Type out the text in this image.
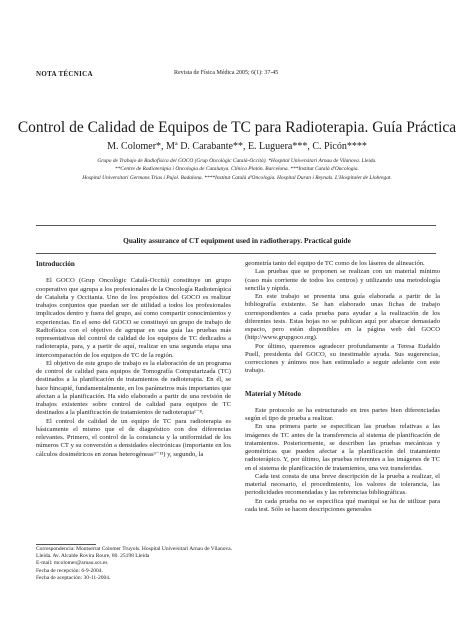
NOTA TÉCNICA	Revista de Física Médica 2005; 6(1): 37-45
Control de Calidad de Equipos de TC para Radioterapia. Guía Práctica
M. Colomer*, Mª D. Carabante**, E. Luguera***, C. Picón****
Grupo de Trabajo de Radiofísica del GOCO (Grup Oncològic Català-Occità). *Hospital Universitari Arnau de Vilanova. Lleida.
**Centre de Radioteràpia i Oncologia de Catalunya. Clínica Platón. Barcelona. ***Institut Català d'Oncologia.
Hospital Universitari Germans Trias i Pujol. Badalona. ****Institut Català d'Oncologia. Hospital Duran i Reynals. L'Hospitalet de Llobregat.
Quality assurance of CT equipment used in radiotherapy. Practical guide

Introducción

El GOCO (Grup Oncològic Català-Occità) constituye un grupo cooperativo que agrupa a los profesionales de la Oncología Radioterápica de Cataluña y Occitania. Uno de los propósitos del GOCO es realizar trabajos conjuntos que puedan ser de utilidad a todos los profesionales implicados dentro y fuera del grupo, así como compartir conocimientos y experiencias. En el seno del GOCO se constituyó un grupo de trabajo de Radiofísica con el objetivo de agrupar en una guía las pruebas más representativas del control de calidad de los equipos de TC dedicados a radioterapia, para, y a partir de aquí, realizar en una segunda etapa una intercomparación de los equipos de TC de la región.

El objetivo de este grupo de trabajo es la elaboración de un programa de control de calidad para equipos de Tomografía Computarizada (TC) destinados a la planificación de tratamientos de radioterapia. En él, se hace hincapié, fundamentalmente, en los parámetros más importantes que afectan a la planificación. Ha sido elaborado a partir de una revisión de trabajos existentes sobre control de calidad para equipos de TC destinados a la planificación de tratamientos de radioterapia¹⁻⁸.

El control de calidad de un equipo de TC para radioterapia es básicamente el mismo que el de diagnóstico con dos diferencias relevantes. Primero, el control de la constancia y la uniformidad de los números CT y su conversión a densidades electrónicas (importante en los cálculos dosimétricos en zonas heterogéneas⁹⁻¹³) y, segundo, la

geometría tanto del equipo de TC como de los láseres de alineación.

Las pruebas que se proponen se realizan con un material mínimo (caso más corriente de todos los centros) y utilizando una metodología sencilla y rápida.

En este trabajo se presenta una guía elaborada a partir de la bibliografía existente. Se han elaborado unas fichas de trabajo correspondientes a cada prueba para ayudar a la realización de los diferentes tests. Estas hojas no se publican aquí por abarcar demasiado espacio, pero están disponibles en la página web del GOCO (http://www.grupgoco.org).

Por último, queremos agradecer profundamente a Teresa Eudaldo Puell, presidenta del GOCO, su inestimable ayuda. Sus sugerencias, correcciones y ánimos nos han estimulado a seguir adelante con este trabajo.

Material y Método

Este protocolo se ha estructurado en tres partes bien diferenciadas según el tipo de prueba a realizar.

En una primera parte se especifican las pruebas relativas a las imágenes de TC antes de la transferencia al sistema de planificación de tratamientos. Posteriormente, se describen las pruebas mecánicas y geométricas que pueden afectar a la planificación del tratamiento radioterápico. Y, por último, las pruebas referentes a las imágenes de TC en el sistema de planificación de tratamientos, una vez transferidas.

Cada test consta de una breve descripción de la prueba a realizar, el material necesario, el procedimiento, los valores de tolerancia, las periodicidades recomendadas y las referencias bibliográficas.

En cada prueba no se especifica qué maniquí se ha de utilizar para cada test. Sólo se hacen descripciones generales

Correspondencia: Montserrat Colomer Truyols. Hospital Universitari Arnau de Vilanova. Lleida. Av. Alcalde Rovira Roure, 80. 25198 Lleida

E-mail: mcolomer@arnau.scs.es

Fecha de recepción: 6-9-2004.

Fecha de aceptación: 30-11-2004.
